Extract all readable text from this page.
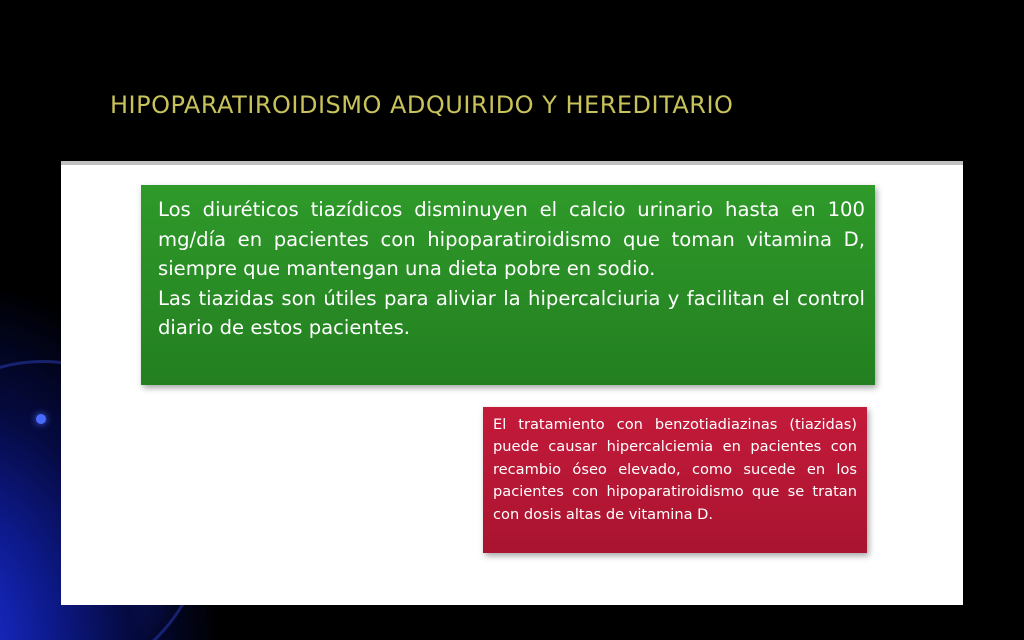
HIPOPARATIROIDISMO ADQUIRIDO Y HEREDITARIO

Los diuréticos tiazídicos disminuyen el calcio urinario hasta en 100 mg/día en pacientes con hipoparatiroidismo que toman vitamina D, siempre que mantengan una dieta pobre en sodio.

Las tiazidas son útiles para aliviar la hipercalciuria y facilitan el control diario de estos pacientes.

El tratamiento con benzotiadiazinas (tiazidas) puede causar hipercalciemia en pacientes con recambio óseo elevado, como sucede en los pacientes con hipoparatiroidismo que se tratan con dosis altas de vitamina D.
